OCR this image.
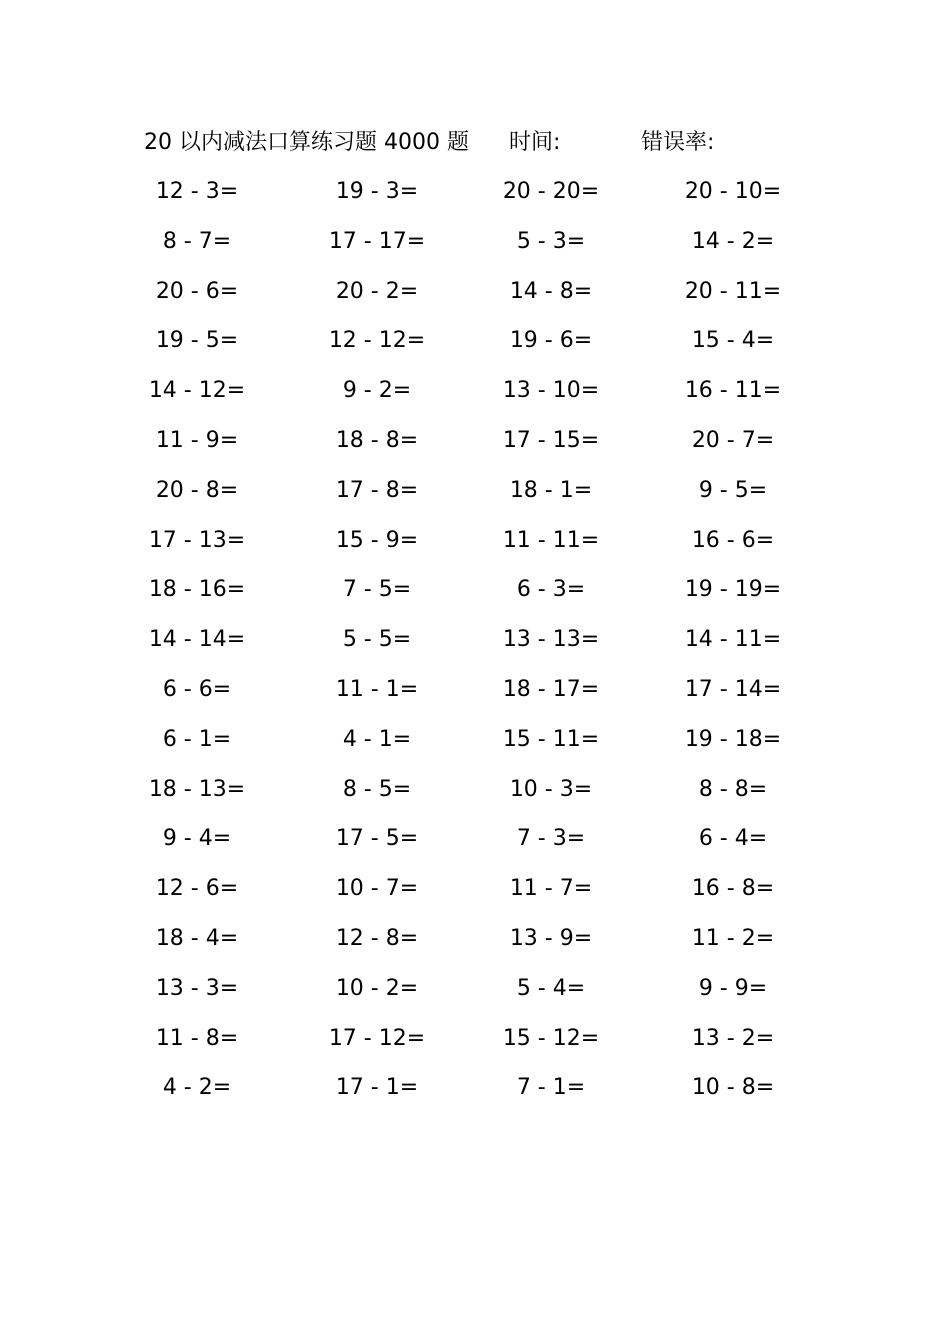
20 以内减法口算练习题 4000 题 时间:	错误率:
12 - 3=	19 - 3=	20 - 20=	20 - 10=
8 - 7=	17 - 17=	5 - 3=	14 - 2=
20 - 6=	20 - 2=	14 - 8=	20 - 11=
19 - 5=	12 - 12=	19 - 6=	15 - 4=
14 - 12=	9 - 2=	13 - 10=	16 - 11=
11 - 9=	18 - 8=	17 - 15=	20 - 7=
20 - 8=	17 - 8=	18 - 1=	9 - 5=
17 - 13=	15 - 9=	11 - 11=	16 - 6=
18 - 16=	7 - 5=	6 - 3=	19 - 19=
14 - 14=	5 - 5=	13 - 13=	14 - 11=
6 - 6=	11 - 1=	18 - 17=	17 - 14=
6 - 1=	4 - 1=	15 - 11=	19 - 18=
18 - 13=	8 - 5=	10 - 3=	8 - 8=
9 - 4=	17 - 5=	7 - 3=	6 - 4=
12 - 6=	10 - 7=	11 - 7=	16 - 8=
18 - 4=	12 - 8=	13 - 9=	11 - 2=
13 - 3=	10 - 2=	5 - 4=	9 - 9=
11 - 8=	17 - 12=	15 - 12=	13 - 2=
4 - 2=	17 - 1=	7 - 1=	10 - 8=
